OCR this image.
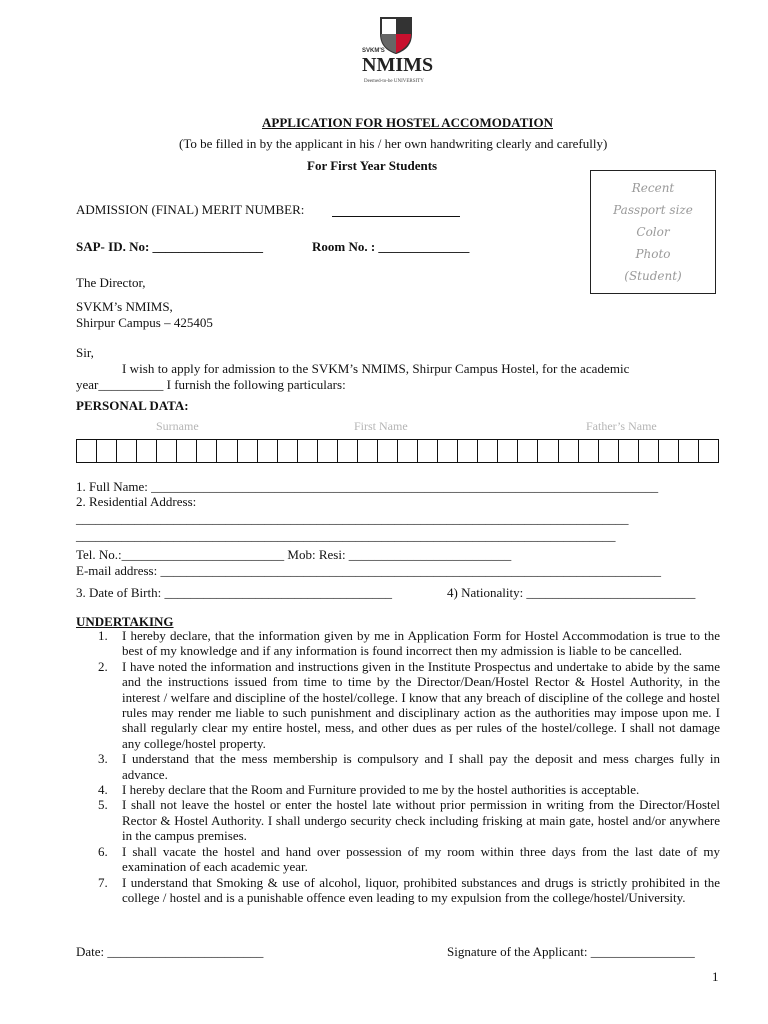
SVKM'S
NMIMS
Deemed-to-be UNIVERSITY
APPLICATION FOR HOSTEL ACCOMODATION
(To be filled in by the applicant in his / her own handwriting clearly and carefully)
For First Year Students
Recent
Passport size
Color
Photo
(Student)
ADMISSION (FINAL) MERIT NUMBER:
SAP- ID. No: _________________	Room No. : ______________
The Director,
SVKM’s NMIMS,
Shirpur Campus – 425405
Sir,
I wish to apply for admission to the SVKM’s NMIMS, Shirpur Campus Hostel, for the academic
year__________ I furnish the following particulars:
PERSONAL DATA:
Surname	First Name	Father’s Name
1. Full Name: ______________________________________________________________________________
2. Residential Address:
_____________________________________________________________________________________
___________________________________________________________________________________
Tel. No.:_________________________ Mob: Resi: _________________________
E-mail address: _____________________________________________________________________________
3. Date of Birth: ___________________________________	4) Nationality: __________________________
UNDERTAKING
1. I hereby declare, that the information given by me in Application Form for Hostel Accommodation is true to the best of my knowledge and if any information is found incorrect then my admission is liable to be cancelled.
2. I have noted the information and instructions given in the Institute Prospectus and undertake to abide by the same and the instructions issued from time to time by the Director/Dean/Hostel Rector & Hostel Authority, in the interest / welfare and discipline of the hostel/college. I know that any breach of discipline of the college and hostel rules may render me liable to such punishment and disciplinary action as the authorities may impose upon me. I shall regularly clear my entire hostel, mess, and other dues as per rules of the hostel/college. I shall not damage any college/hostel property.
3. I understand that the mess membership is compulsory and I shall pay the deposit and mess charges fully in advance.
4. I hereby declare that the Room and Furniture provided to me by the hostel authorities is acceptable.
5. I shall not leave the hostel or enter the hostel late without prior permission in writing from the Director/Hostel Rector & Hostel Authority. I shall undergo security check including frisking at main gate, hostel and/or anywhere in the campus premises.
6. I shall vacate the hostel and hand over possession of my room within three days from the last date of my examination of each academic year.
7. I understand that Smoking & use of alcohol, liquor, prohibited substances and drugs is strictly prohibited in the college / hostel and is a punishable offence even leading to my expulsion from the college/hostel/University.
Date: ________________________	Signature of the Applicant: ________________
1
